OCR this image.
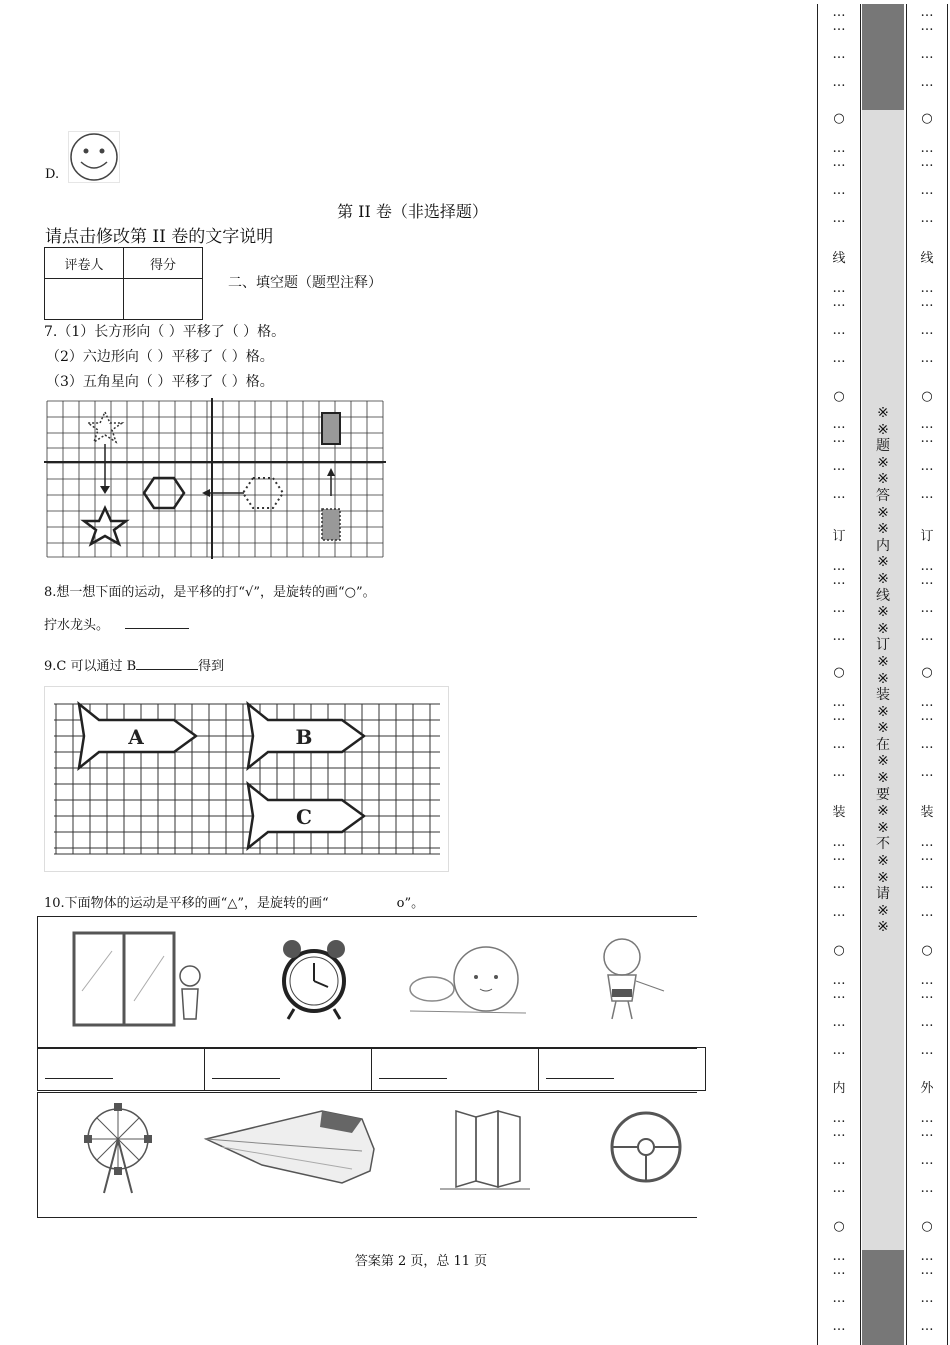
D.
第 II 卷（非选择题）
请点击修改第 II 卷的文字说明
评卷人	得分

二、填空题（题型注释）
7.（1）长方形向（ ）平移了（ ）格。
（2）六边形向（ ）平移了（ ）格。
（3）五角星向（ ）平移了（ ）格。
8.想一想下面的运动，是平移的打“√”，是旋转的画“○”。
拧水龙头。
9.C 可以通过 B	得到
A	B
C
10.下面物体的运动是平移的画“△”，是旋转的画“	o”。

答案第 2 页，总 11 页
…
…

…

…
○
…
…

…

…
线
…
…

…

…
○
…
…

…

…
订
…
…

…

…
○
…
…

…

…
装
…
…

…

…
○
…
…

…

…
内
…
…

…

…
○
…
…

…

…
※
※
题
※
※
答
※
※
内
※
※
线
※
※
订
※
※
装
※
※
在
※
※
要
※
※
不
※
※
请
※
※
…
…

…

…
○
…
…

…

…
线
…
…

…

…
○
…
…

…

…
订
…
…

…

…
○
…
…

…

…
装
…
…

…

…
○
…
…

…

…
外
…
…

…

…
○
…
…

…

…
